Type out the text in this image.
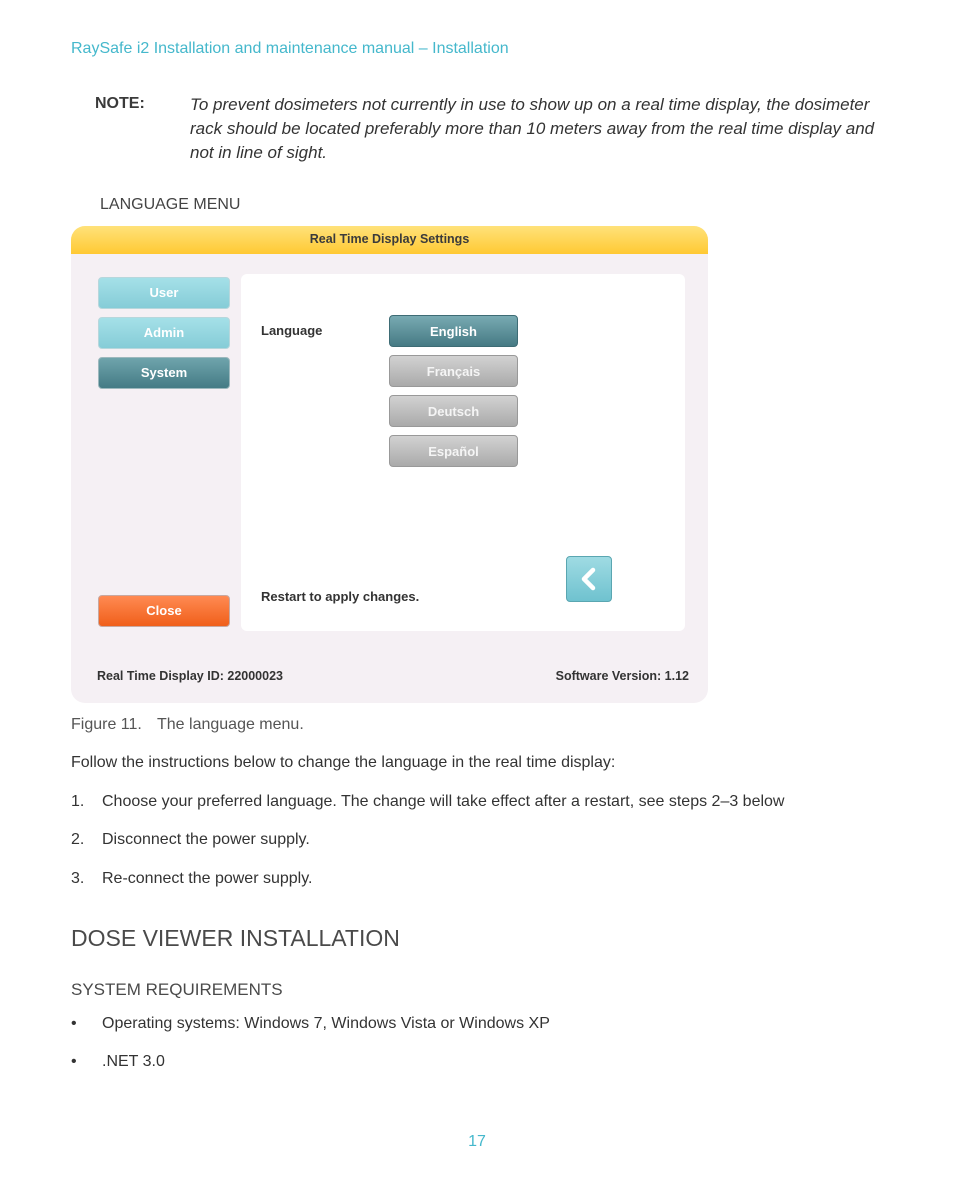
RaySafe i2 Installation and maintenance manual – Installation
NOTE:	To prevent dosimeters not currently in use to show up on a real time display, the dosimeter rack should be located preferably more than 10 meters away from the real time display and not in line of sight.
LANGUAGE MENU
Real Time Display Settings
User
Admin
System
Close
Language	English
Français
Deutsch
Español
Restart to apply changes.
Real Time Display ID: 22000023	Software Version: 1.12
Figure 11. The language menu.
Follow the instructions below to change the language in the real time display:
1. Choose your preferred language. The change will take effect after a restart, see steps 2–3 below
2. Disconnect the power supply.
3. Re-connect the power supply.
DOSE VIEWER INSTALLATION
SYSTEM REQUIREMENTS
• Operating systems: Windows 7, Windows Vista or Windows XP
• .NET 3.0
17
